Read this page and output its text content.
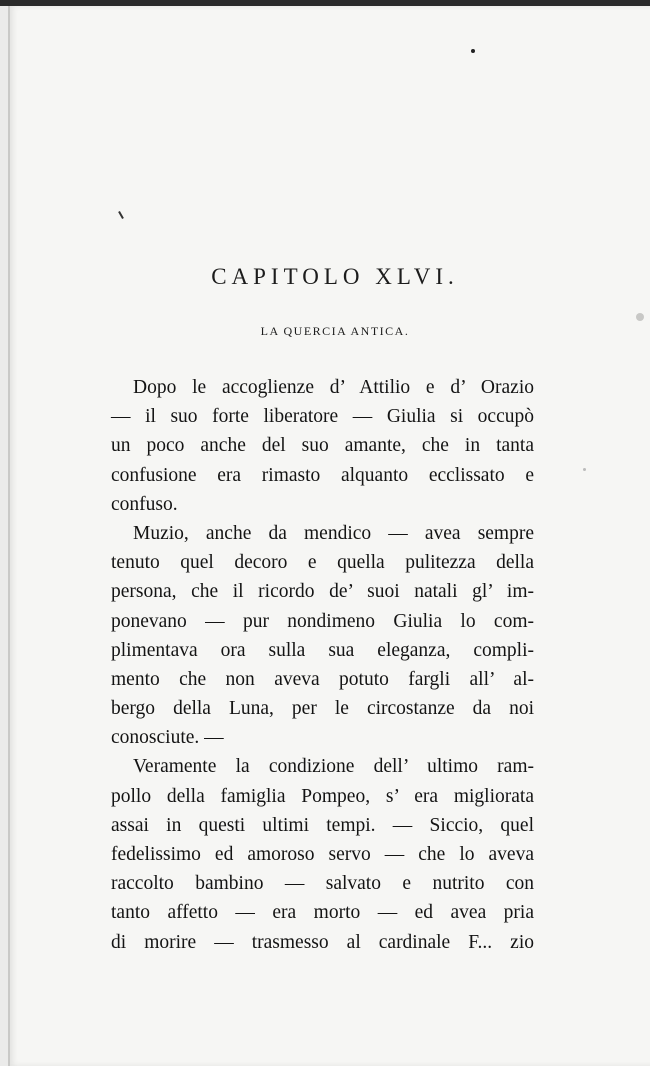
CAPITOLO XLVI.
LA QUERCIA ANTICA.
Dopo le accoglienze d’ Attilio e d’ Orazio
— il suo forte liberatore — Giulia si occupò
un poco anche del suo amante, che in tanta
confusione era rimasto alquanto ecclissato e
confuso.
Muzio, anche da mendico — avea sempre
tenuto quel decoro e quella pulitezza della
persona, che il ricordo de’ suoi natali gl’ im-
ponevano — pur nondimeno Giulia lo com-
plimentava ora sulla sua eleganza, compli-
mento che non aveva potuto fargli all’ al-
bergo della Luna, per le circostanze da noi
conosciute. —
Veramente la condizione dell’ ultimo ram-
pollo della famiglia Pompeo, s’ era migliorata
assai in questi ultimi tempi. — Siccio, quel
fedelissimo ed amoroso servo — che lo aveva
raccolto bambino — salvato e nutrito con
tanto affetto — era morto — ed avea pria
di morire — trasmesso al cardinale F... zio
